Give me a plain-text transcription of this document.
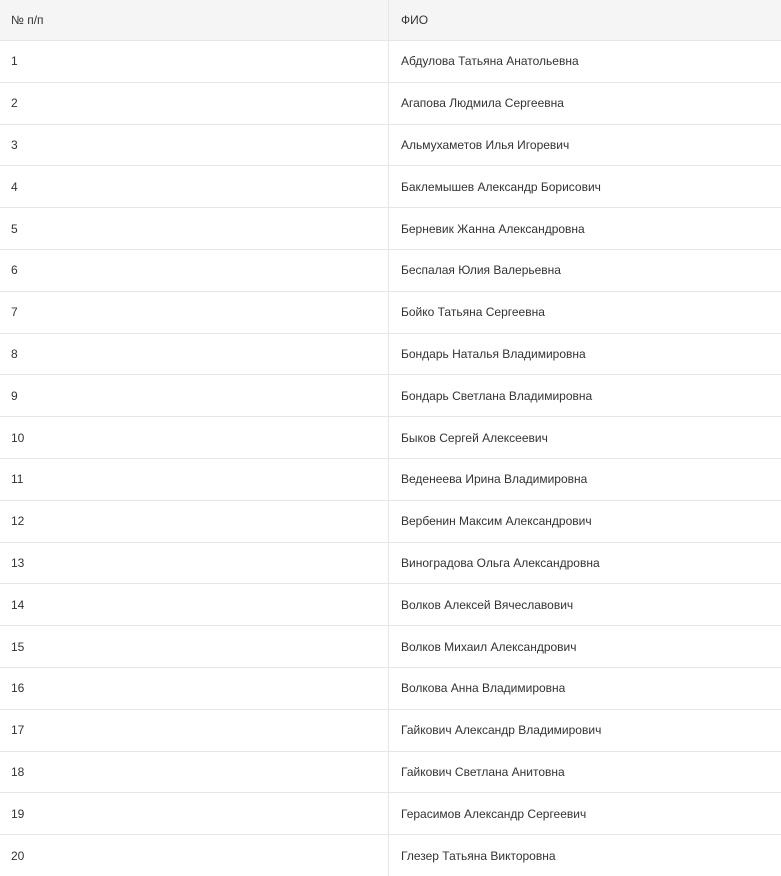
№ п/п	ФИО
1	Абдулова Татьяна Анатольевна
2	Агапова Людмила Сергеевна
3	Альмухаметов Илья Игоревич
4	Баклемышев Александр Борисович
5	Берневик Жанна Александровна
6	Беспалая Юлия Валерьевна
7	Бойко Татьяна Сергеевна
8	Бондарь Наталья Владимировна
9	Бондарь Светлана Владимировна
10	Быков Сергей Алексеевич
11	Веденеева Ирина Владимировна
12	Вербенин Максим Александрович
13	Виноградова Ольга Александровна
14	Волков Алексей Вячеславович
15	Волков Михаил Александрович
16	Волкова Анна Владимировна
17	Гайкович Александр Владимирович
18	Гайкович Светлана Анитовна
19	Герасимов Александр Сергеевич
20	Глезер Татьяна Викторовна
